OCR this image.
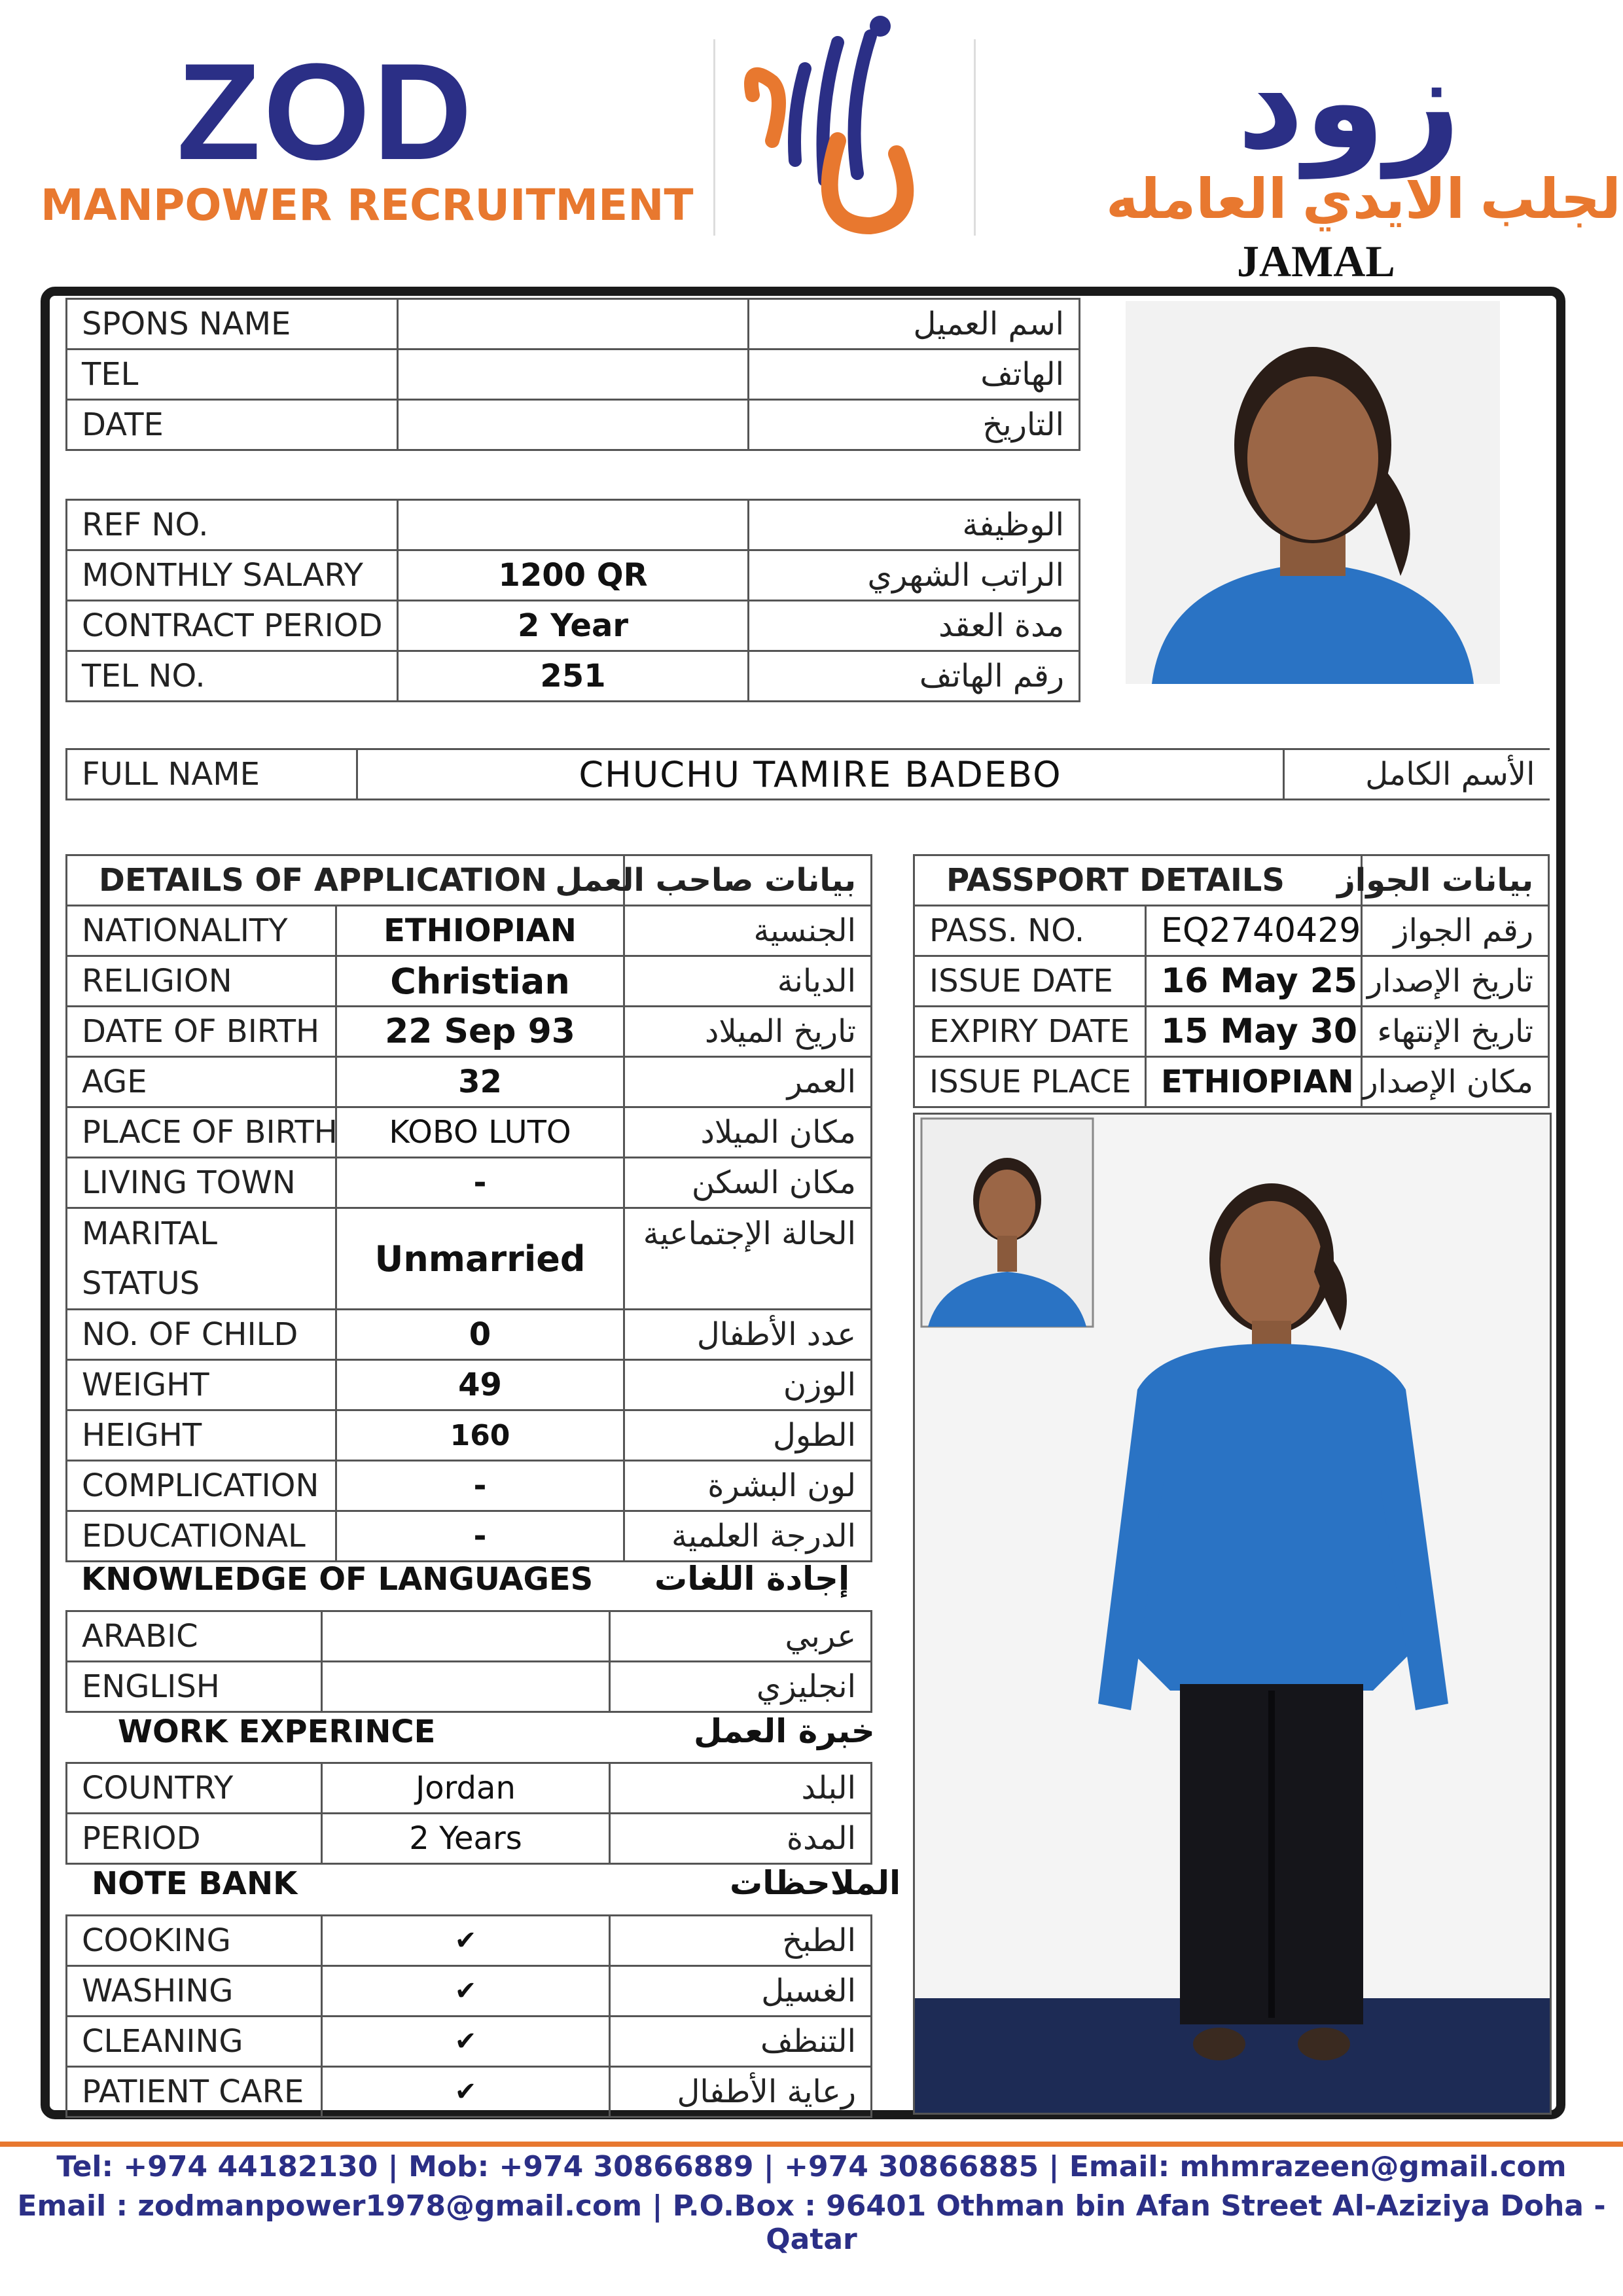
ZOD
MANPOWER RECRUITMENT
زود
لجلب الايدي العامله
JAMAL
SPONS NAME		اسم العميل
TEL		الهاتف
DATE		التاريخ
REF NO.		الوظيفة
MONTHLY SALARY	1200 QR	الراتب الشهري
CONTRACT PERIOD	2 Year	مدة العقد
TEL NO.	251	رقم الهاتف
FULL NAME	CHUCHU TAMIRE BADEBO	الأسم الكامل
DETAILS OF APPLICATION		بيانات صاحب العمل
NATIONALITY	ETHIOPIAN	الجنسية
RELIGION	Christian	الديانة
DATE OF BIRTH	22 Sep 93	تاريخ الميلاد
AGE	32	العمر
PLACE OF BIRTH	KOBO LUTO	مكان الميلاد
LIVING TOWN	-	مكان السكن
MARITAL STATUS	Unmarried	الحالة الإجتماعية
NO. OF CHILD	0	عدد الأطفال
WEIGHT	49	الوزن
HEIGHT	160	الطول
COMPLICATION	-	لون البشرة
EDUCATIONAL	-	الدرجة العلمية
KNOWLEDGE OF LANGUAGES إجادة اللغات
ARABIC		عربي
ENGLISH		انجليزي
WORK EXPERINCE	خبرة العمل
COUNTRY	Jordan	البلد
PERIOD	2 Years	المدة
NOTE BANK	الملاحظات
COOKING	✔	الطبخ
WASHING	✔	الغسيل
CLEANING	✔	التنظف
PATIENT CARE	✔	رعاية الأطفال
PASSPORT DETAILS		بيانات الجواز
PASS. NO.	EQ2740429	رقم الجواز
ISSUE DATE	16 May 25	تاريخ الإصدار
EXPIRY DATE	15 May 30	تاريخ الإنتهاء
ISSUE PLACE	ETHIOPIAN	مكان الإصدار
Tel: +974 44182130 | Mob: +974 30866889 | +974 30866885 | Email: mhmrazeen@gmail.com
Email : zodmanpower1978@gmail.com | P.O.Box : 96401 Othman bin Afan Street Al-Aziziya Doha - Qatar
